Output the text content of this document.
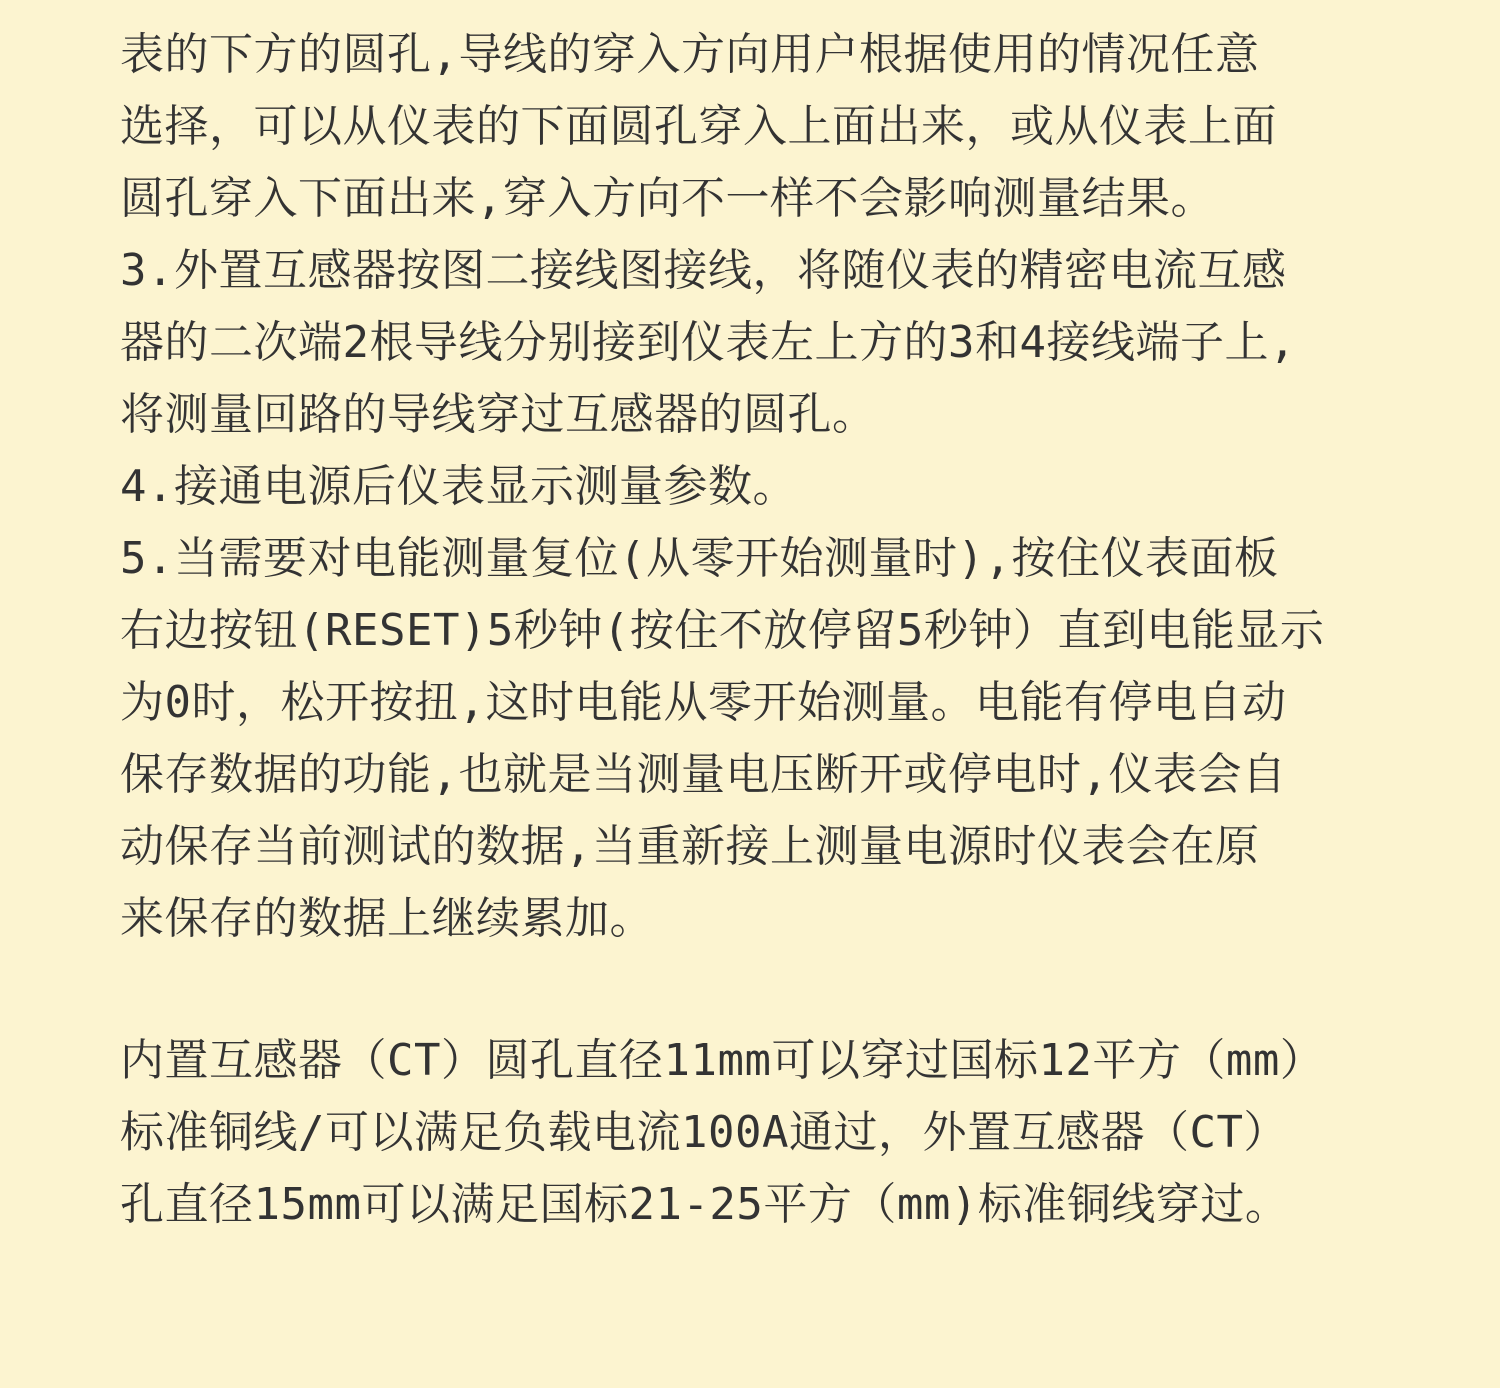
表的下方的圆孔,导线的穿入方向用户根据使用的情况任意
选择，可以从仪表的下面圆孔穿入上面出来，或从仪表上面
圆孔穿入下面出来,穿入方向不一样不会影响测量结果。
3.外置互感器按图二接线图接线，将随仪表的精密电流互感
器的二次端2根导线分别接到仪表左上方的3和4接线端子上,
将测量回路的导线穿过互感器的圆孔。
4.接通电源后仪表显示测量参数。
5.当需要对电能测量复位(从零开始测量时),按住仪表面板
右边按钮(RESET)5秒钟(按住不放停留5秒钟）直到电能显示
为0时，松开按扭,这时电能从零开始测量。电能有停电自动
保存数据的功能,也就是当测量电压断开或停电时,仪表会自
动保存当前测试的数据,当重新接上测量电源时仪表会在原
来保存的数据上继续累加。
内置互感器（CT）圆孔直径11mm可以穿过国标12平方（mm）
标准铜线/可以满足负载电流100A通过，外置互感器（CT）
孔直径15mm可以满足国标21-25平方（mm)标准铜线穿过。
